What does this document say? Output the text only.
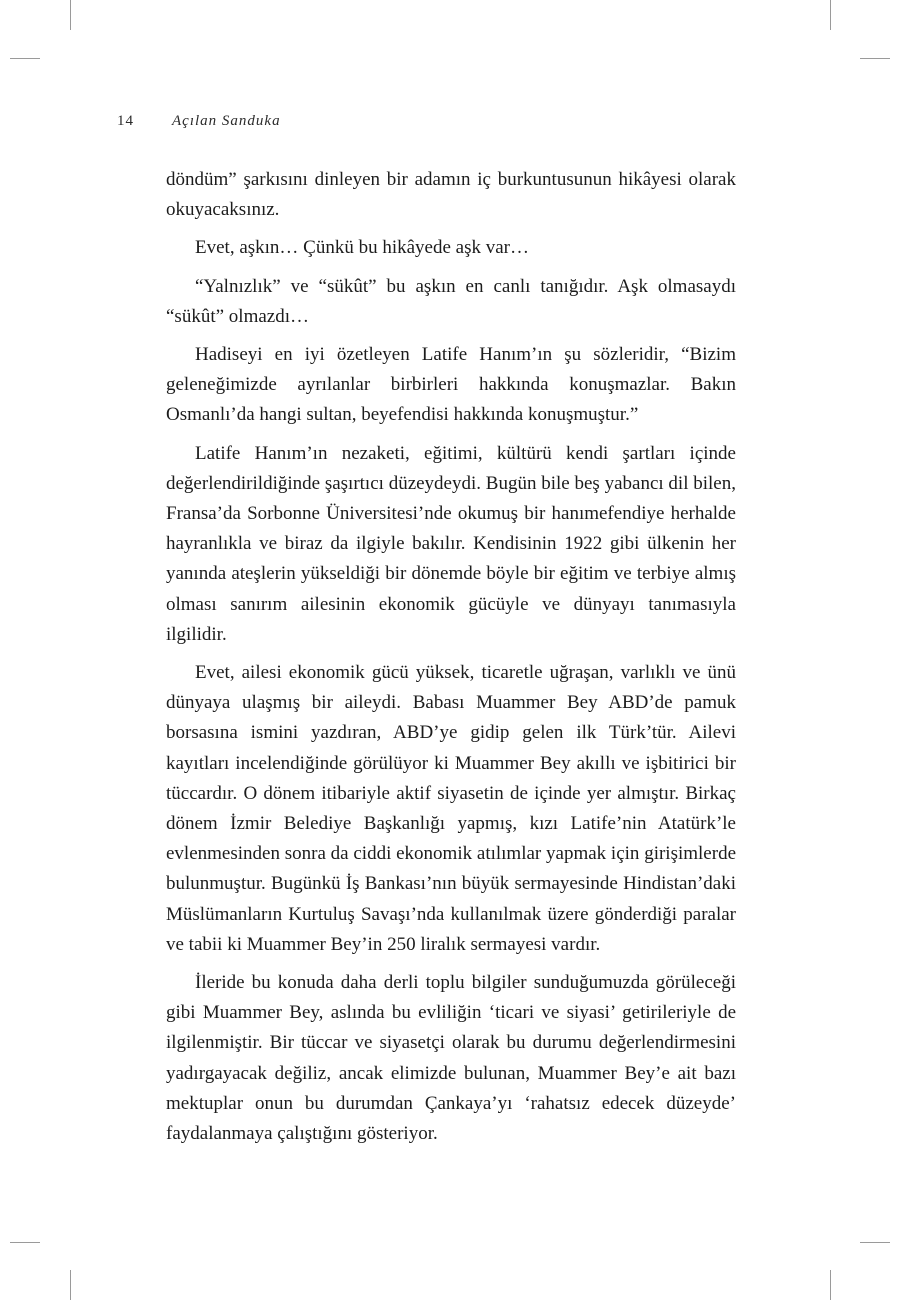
14	Açılan Sanduka

döndüm” şarkısını dinleyen bir adamın iç burkuntusunun hikâyesi olarak okuyacaksınız.

Evet, aşkın… Çünkü bu hikâyede aşk var…

“Yalnızlık” ve “sükût” bu aşkın en canlı tanığıdır. Aşk olmasaydı “sükût” olmazdı…

Hadiseyi en iyi özetleyen Latife Hanım’ın şu sözleridir, “Bizim geleneğimizde ayrılanlar birbirleri hakkında konuşmazlar. Bakın Osmanlı’da hangi sultan, beyefendisi hakkında konuşmuştur.”

Latife Hanım’ın nezaketi, eğitimi, kültürü kendi şartları içinde değerlendirildiğinde şaşırtıcı düzeydeydi. Bugün bile beş yabancı dil bilen, Fransa’da Sorbonne Üniversitesi’nde okumuş bir hanımefendiye herhalde hayranlıkla ve biraz da ilgiyle bakılır. Kendisinin 1922 gibi ülkenin her yanında ateşlerin yükseldiği bir dönemde böyle bir eğitim ve terbiye almış olması sanırım ailesinin ekonomik gücüyle ve dünyayı tanımasıyla ilgilidir.

Evet, ailesi ekonomik gücü yüksek, ticaretle uğraşan, varlıklı ve ünü dünyaya ulaşmış bir aileydi. Babası Muammer Bey ABD’de pamuk borsasına ismini yazdıran, ABD’ye gidip gelen ilk Türk’tür. Ailevi kayıtları incelendiğinde görülüyor ki Muammer Bey akıllı ve işbitirici bir tüccardır. O dönem itibariyle aktif siyasetin de içinde yer almıştır. Birkaç dönem İzmir Belediye Başkanlığı yapmış, kızı Latife’nin Atatürk’le evlenmesinden sonra da ciddi ekonomik atılımlar yapmak için girişimlerde bulunmuştur. Bugünkü İş Bankası’nın büyük sermayesinde Hindistan’daki Müslümanların Kurtuluş Savaşı’nda kullanılmak üzere gönderdiği paralar ve tabii ki Muammer Bey’in 250 liralık sermayesi vardır.

İleride bu konuda daha derli toplu bilgiler sunduğumuzda görüleceği gibi Muammer Bey, aslında bu evliliğin ‘ticari ve siyasi’ getirileriyle de ilgilenmiştir. Bir tüccar ve siyasetçi olarak bu durumu değerlendirmesini yadırgayacak değiliz, ancak elimizde bulunan, Muammer Bey’e ait bazı mektuplar onun bu durumdan Çankaya’yı ‘rahatsız edecek düzeyde’ faydalanmaya çalıştığını gösteriyor.
